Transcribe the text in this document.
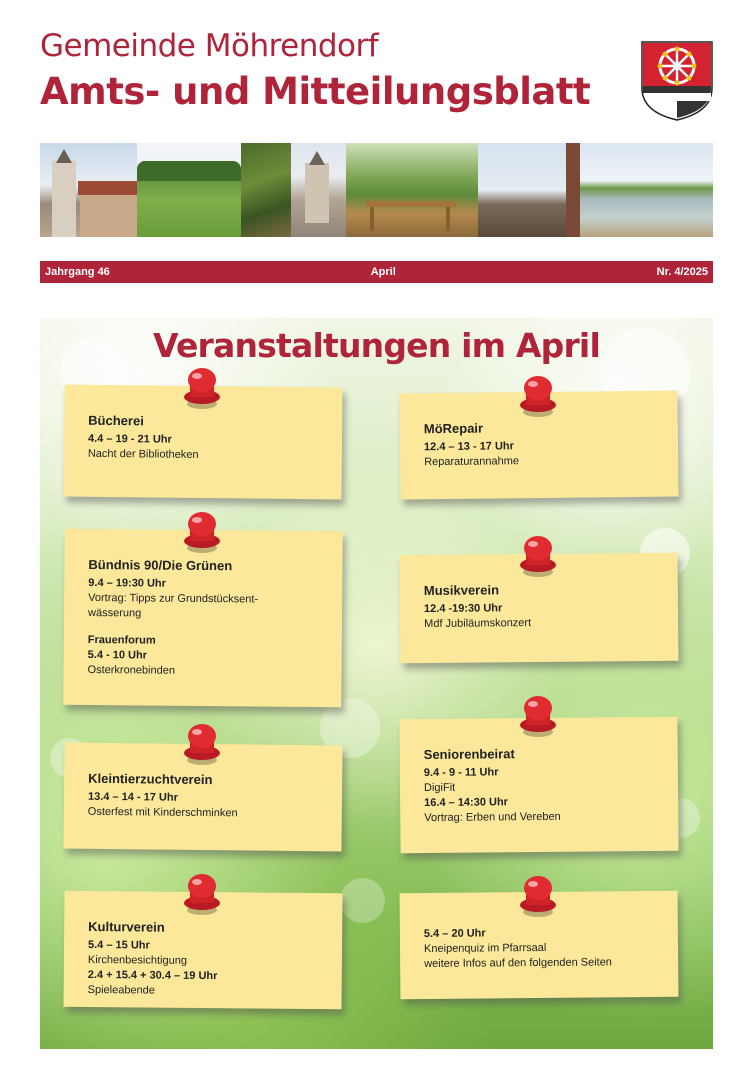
Gemeinde Möhrendorf
Amts- und Mitteilungsblatt
Jahrgang 46	April	Nr. 4/2025
Veranstaltungen im April
Bücherei
4.4 – 19 - 21 Uhr
Nacht der Bibliotheken
MöRepair
12.4 – 13 - 17 Uhr
Reparaturannahme
Bündnis 90/Die Grünen
9.4 – 19:30 Uhr
Vortrag: Tipps zur Grundstücksent- wässerung
Frauenforum
5.4 - 10 Uhr
Osterkronebinden
Musikverein
12.4 -19:30 Uhr
Mdf Jubiläumskonzert
Kleintierzuchtverein
13.4 – 14 - 17 Uhr
Osterfest mit Kinderschminken
Seniorenbeirat
9.4 - 9 - 11 Uhr
DigiFit
16.4 – 14:30 Uhr
Vortrag: Erben und Vereben
Kulturverein
5.4 – 15 Uhr
Kirchenbesichtigung
2.4 + 15.4 + 30.4 – 19 Uhr
Spieleabende
5.4 – 20 Uhr
Kneipenquiz im Pfarrsaal
weitere Infos auf den folgenden Seiten
